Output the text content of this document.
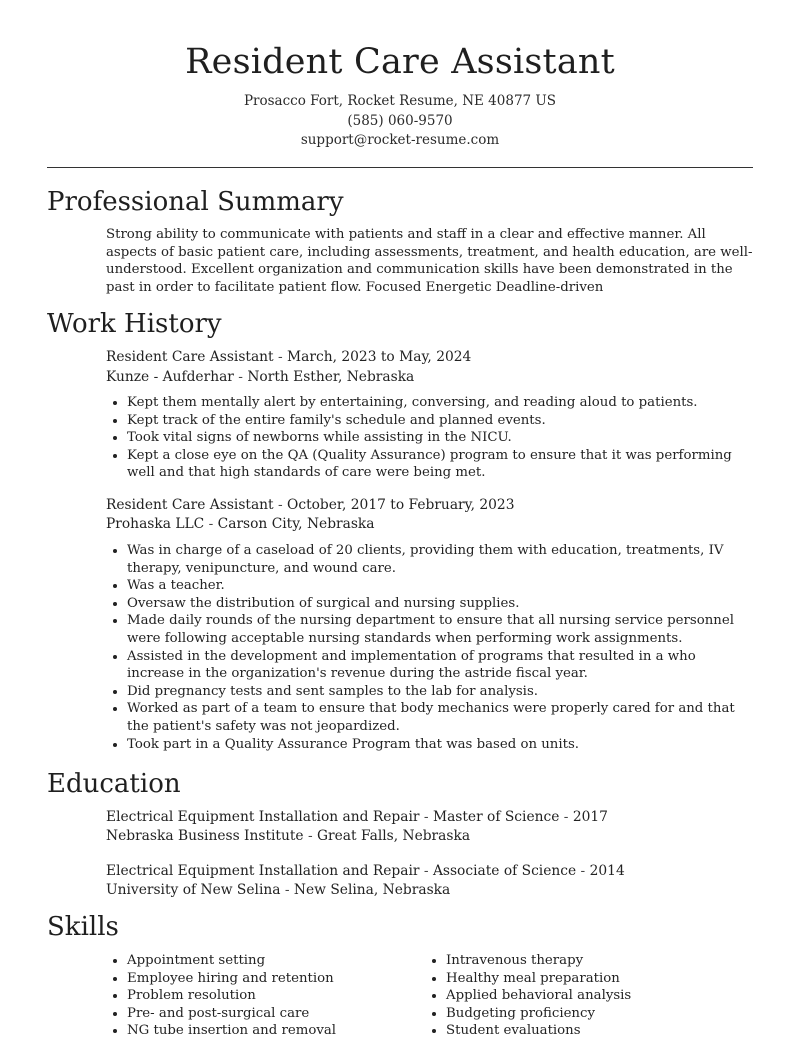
Resident Care Assistant
Prosacco Fort, Rocket Resume, NE 40877 US
(585) 060-9570
support@rocket-resume.com
Professional Summary
Strong ability to communicate with patients and staff in a clear and effective manner. All aspects of basic patient care, including assessments, treatment, and health education, are well-understood. Excellent organization and communication skills have been demonstrated in the past in order to facilitate patient flow. Focused Energetic Deadline-driven
Work History
Resident Care Assistant - March, 2023 to May, 2024
Kunze - Aufderhar - North Esther, Nebraska
• Kept them mentally alert by entertaining, conversing, and reading aloud to patients.
• Kept track of the entire family's schedule and planned events.
• Took vital signs of newborns while assisting in the NICU.
• Kept a close eye on the QA (Quality Assurance) program to ensure that it was performing well and that high standards of care were being met.
Resident Care Assistant - October, 2017 to February, 2023
Prohaska LLC - Carson City, Nebraska
• Was in charge of a caseload of 20 clients, providing them with education, treatments, IV therapy, venipuncture, and wound care.
• Was a teacher.
• Oversaw the distribution of surgical and nursing supplies.
• Made daily rounds of the nursing department to ensure that all nursing service personnel were following acceptable nursing standards when performing work assignments.
• Assisted in the development and implementation of programs that resulted in a who increase in the organization's revenue during the astride fiscal year.
• Did pregnancy tests and sent samples to the lab for analysis.
• Worked as part of a team to ensure that body mechanics were properly cared for and that the patient's safety was not jeopardized.
• Took part in a Quality Assurance Program that was based on units.
Education
Electrical Equipment Installation and Repair - Master of Science - 2017
Nebraska Business Institute - Great Falls, Nebraska
Electrical Equipment Installation and Repair - Associate of Science - 2014
University of New Selina - New Selina, Nebraska
Skills
• Appointment setting
• Employee hiring and retention
• Problem resolution
• Pre- and post-surgical care
• NG tube insertion and removal
• Intravenous therapy
• Healthy meal preparation
• Applied behavioral analysis
• Budgeting proficiency
• Student evaluations
